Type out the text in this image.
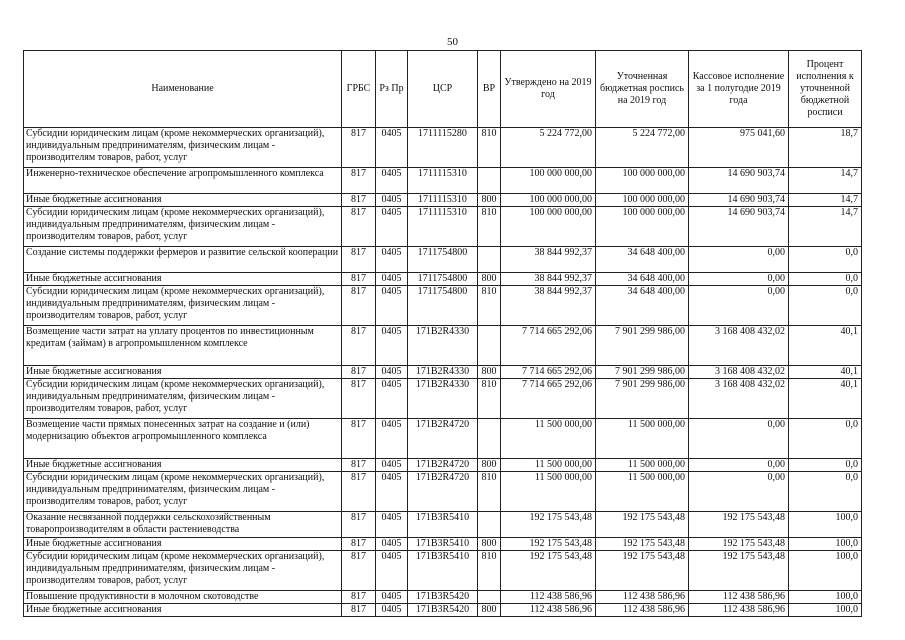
50
Наименование	ГРБС	Рз Пр	ЦСР	ВР	Утверждено на 2019 год	Уточненная бюджетная роспись на 2019 год	Кассовое исполнение за 1 полугодие 2019 года	Процент исполнения к уточненной бюджетной росписи
Субсидии юридическим лицам (кроме некоммерческих организаций), индивидуальным предпринимателям, физическим лицам - производителям товаров, работ, услуг	817	0405	1711115280	810	5 224 772,00	5 224 772,00	975 041,60	18,7
Инженерно-техническое обеспечение агропромышленного комплекса	817	0405	1711115310		100 000 000,00	100 000 000,00	14 690 903,74	14,7
Иные бюджетные ассигнования	817	0405	1711115310	800	100 000 000,00	100 000 000,00	14 690 903,74	14,7
Субсидии юридическим лицам (кроме некоммерческих организаций), индивидуальным предпринимателям, физическим лицам - производителям товаров, работ, услуг	817	0405	1711115310	810	100 000 000,00	100 000 000,00	14 690 903,74	14,7
Создание системы поддержки фермеров и развитие сельской кооперации	817	0405	1711754800		38 844 992,37	34 648 400,00	0,00	0,0
Иные бюджетные ассигнования	817	0405	1711754800	800	38 844 992,37	34 648 400,00	0,00	0,0
Субсидии юридическим лицам (кроме некоммерческих организаций), индивидуальным предпринимателям, физическим лицам - производителям товаров, работ, услуг	817	0405	1711754800	810	38 844 992,37	34 648 400,00	0,00	0,0
Возмещение части затрат на уплату процентов по инвестиционным кредитам (займам) в агропромышленном комплексе	817	0405	171B2R4330		7 714 665 292,06	7 901 299 986,00	3 168 408 432,02	40,1
Иные бюджетные ассигнования	817	0405	171B2R4330	800	7 714 665 292,06	7 901 299 986,00	3 168 408 432,02	40,1
Субсидии юридическим лицам (кроме некоммерческих организаций), индивидуальным предпринимателям, физическим лицам - производителям товаров, работ, услуг	817	0405	171B2R4330	810	7 714 665 292,06	7 901 299 986,00	3 168 408 432,02	40,1
Возмещение части прямых понесенных затрат на создание и (или) модернизацию объектов агропромышленного комплекса	817	0405	171B2R4720		11 500 000,00	11 500 000,00	0,00	0,0
Иные бюджетные ассигнования	817	0405	171B2R4720	800	11 500 000,00	11 500 000,00	0,00	0,0
Субсидии юридическим лицам (кроме некоммерческих организаций), индивидуальным предпринимателям, физическим лицам - производителям товаров, работ, услуг	817	0405	171B2R4720	810	11 500 000,00	11 500 000,00	0,00	0,0
Оказание несвязанной поддержки сельскохозяйственным товаропроизводителям в области растениеводства	817	0405	171B3R5410		192 175 543,48	192 175 543,48	192 175 543,48	100,0
Иные бюджетные ассигнования	817	0405	171B3R5410	800	192 175 543,48	192 175 543,48	192 175 543,48	100,0
Субсидии юридическим лицам (кроме некоммерческих организаций), индивидуальным предпринимателям, физическим лицам - производителям товаров, работ, услуг	817	0405	171B3R5410	810	192 175 543,48	192 175 543,48	192 175 543,48	100,0
Повышение продуктивности в молочном скотоводстве	817	0405	171B3R5420		112 438 586,96	112 438 586,96	112 438 586,96	100,0
Иные бюджетные ассигнования	817	0405	171B3R5420	800	112 438 586,96	112 438 586,96	112 438 586,96	100,0
